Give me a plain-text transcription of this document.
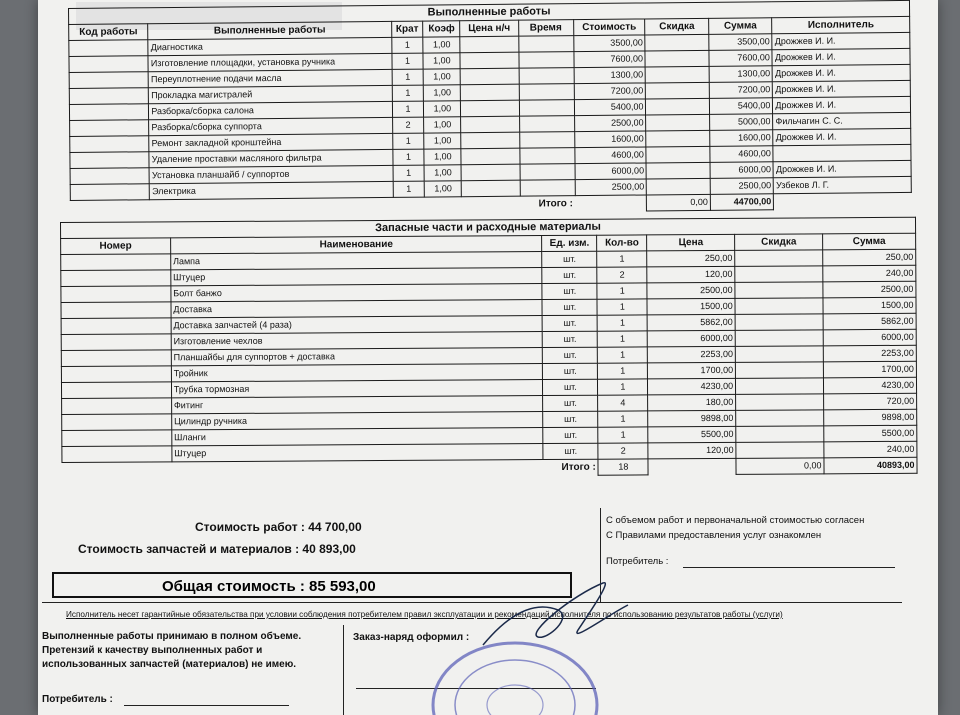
Выполненные работы									
Код работы	Выполненные работы	Крат	Коэф	Цена н/ч	Время	Стоимость	Скидка	Сумма	Исполнитель
	Диагностика	1	1,00			3500,00		3500,00	Дрожжев И. И.
	Изготовление площадки, установка ручника	1	1,00			7600,00		7600,00	Дрожжев И. И.
	Переуплотнение подачи масла	1	1,00			1300,00		1300,00	Дрожжев И. И.
	Прокладка магистралей	1	1,00			7200,00		7200,00	Дрожжев И. И.
	Разборка/сборка салона	1	1,00			5400,00		5400,00	Дрожжев И. И.
	Разборка/сборка суппорта	2	1,00			2500,00		5000,00	Фильчагин С. С.
	Ремонт закладной кронштейна	1	1,00			1600,00		1600,00	Дрожжев И. И.
	Удаление проставки масляного фильтра	1	1,00			4600,00		4600,00	
	Установка планшайб / суппортов	1	1,00			6000,00		6000,00	Дрожжев И. И.
	Электрика	1	1,00			2500,00		2500,00	Узбеков Л. Г.
					Итого :		0,00	44700,00	
Запасные части и расходные материалы						
Номер	Наименование	Ед. изм.	Кол-во	Цена	Скидка	Сумма
	Лампа	шт.	1	250,00		250,00
	Штуцер	шт.	2	120,00		240,00
	Болт банжо	шт.	1	2500,00		2500,00
	Доставка	шт.	1	1500,00		1500,00
	Доставка запчастей (4 раза)	шт.	1	5862,00		5862,00
	Изготовление чехлов	шт.	1	6000,00		6000,00
	Планшайбы для суппортов + доставка	шт.	1	2253,00		2253,00
	Тройник	шт.	1	1700,00		1700,00
	Трубка тормозная	шт.	1	4230,00		4230,00
	Фитинг	шт.	4	180,00		720,00
	Цилиндр ручника	шт.	1	9898,00		9898,00
	Шланги	шт.	1	5500,00		5500,00
	Штуцер	шт.	2	120,00		240,00
		Итого :	18		0,00	40893,00
Стоимость работ : 44 700,00
Стоимость запчастей и материалов : 40 893,00
Общая стоимость : 85 593,00
С объемом работ и первоначальной стоимостью согласен
С Правилами предоставления услуг ознакомлен
Потребитель :
Исполнитель несет гарантийные обязательства при условии соблюдения потребителем правил эксплуатации и рекомендаций исполнителя по использованию результатов работы (услуги)
Выполненные работы принимаю в полном объеме. Претензий к качеству выполненных работ и использованных запчастей (материалов) не имею.
Потребитель :
Заказ-наряд оформил :
